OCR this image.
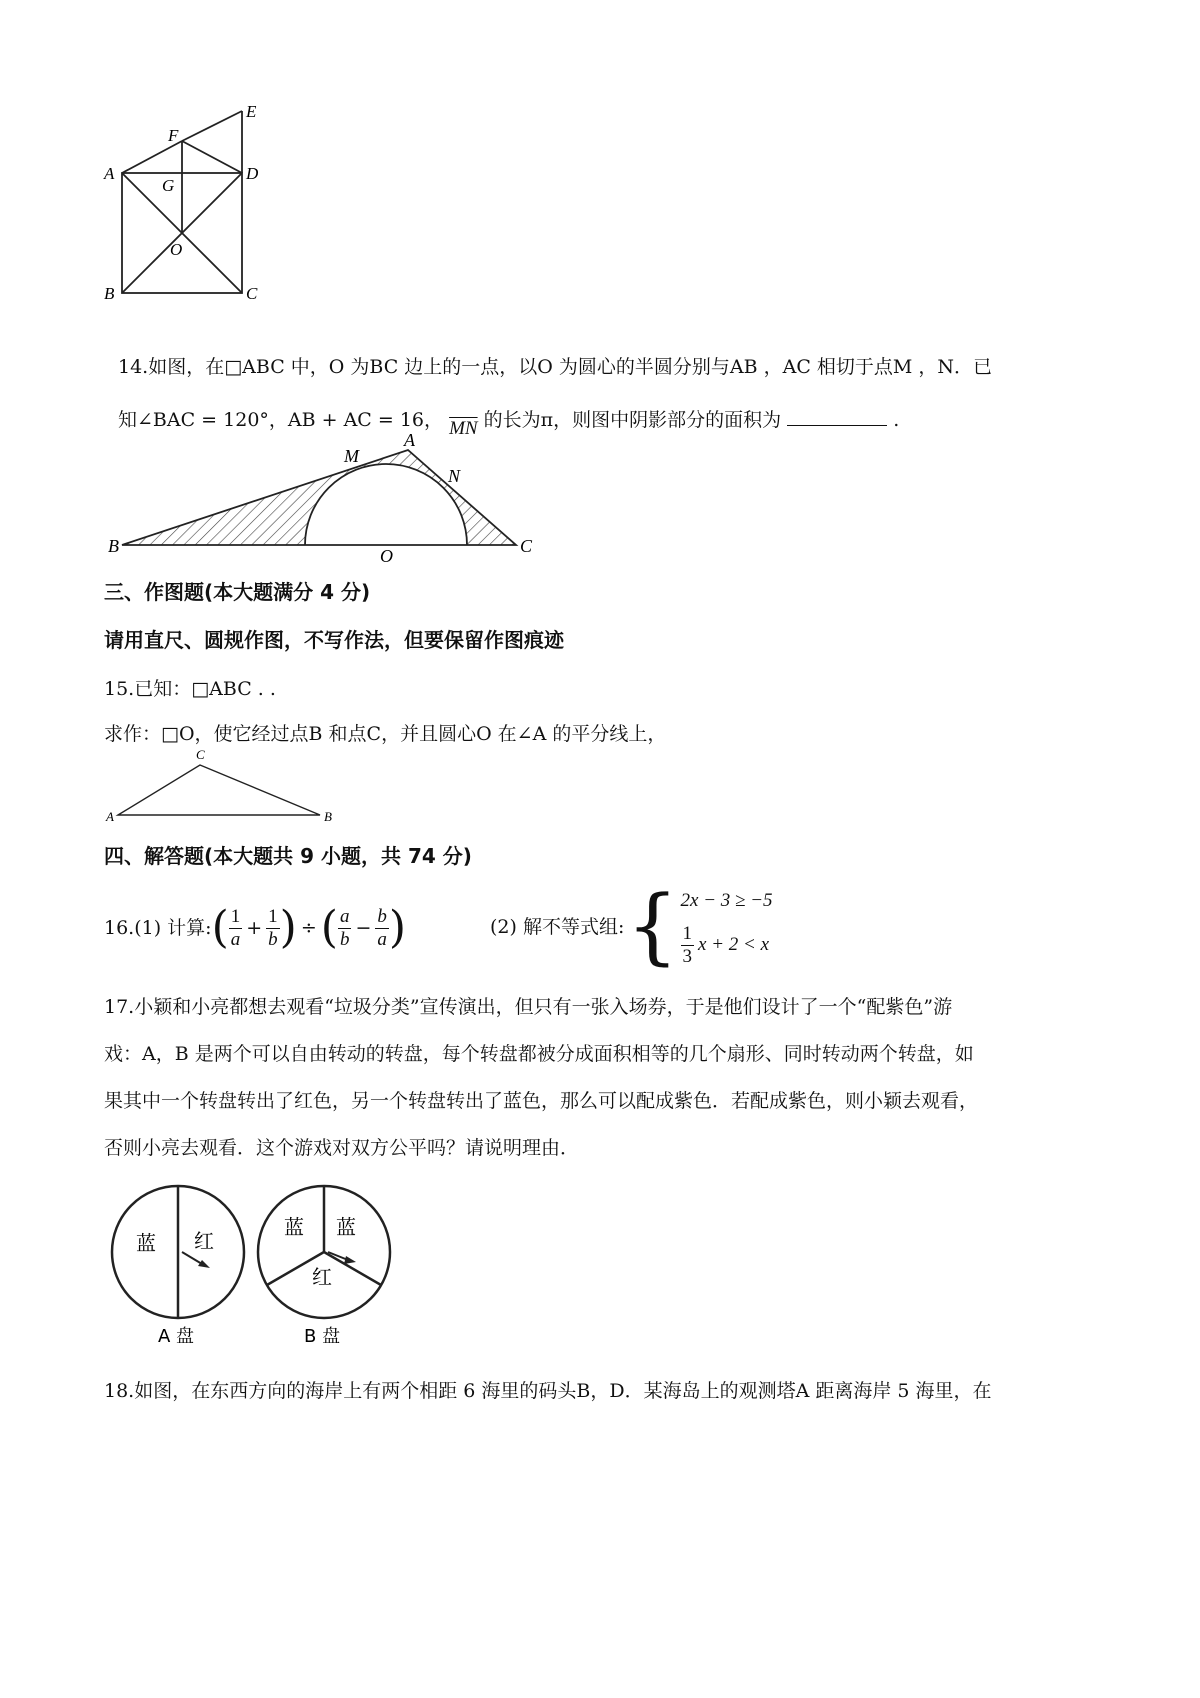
E
F
A	D
G
O
B	C
14.如图，在□ABC 中，O 为BC 边上的一点，以O 为圆心的半圆分别与AB ，AC 相切于点M ，N．已
知∠BAC = 120°，AB + AC = 16， $\overline{MN}$ 的长为π，则图中阴影部分的面积为	.
M
A
N
B	O	C
三、作图题(本大题满分 4 分)
请用直尺、圆规作图，不写作法，但要保留作图痕迹
15.已知：□ABC . .
求作：□O，使它经过点B 和点C，并且圆心O 在∠A 的平分线上，
C
A	B
四、解答题(本大题共 9 小题，共 74 分)
16.(1) 计算: ( $\frac{1}{a} + \frac{1}{b}$ ) ÷ ( $\frac{a}{b} - \frac{b}{a}$ )	(2) 解不等式组: { 2x − 3 ≥ −5
$\frac{1}{3}$ x + 2 < x
17.小颖和小亮都想去观看“垃圾分类”宣传演出，但只有一张入场券，于是他们设计了一个“配紫色”游
戏：A，B 是两个可以自由转动的转盘，每个转盘都被分成面积相等的几个扇形、同时转动两个转盘，如
果其中一个转盘转出了红色，另一个转盘转出了蓝色，那么可以配成紫色．若配成紫色，则小颖去观看，
否则小亮去观看．这个游戏对双方公平吗？请说明理由．
蓝 红
A 盘
蓝 蓝
红
B 盘
18.如图，在东西方向的海岸上有两个相距 6 海里的码头B，D．某海岛上的观测塔A 距离海岸 5 海里，在
